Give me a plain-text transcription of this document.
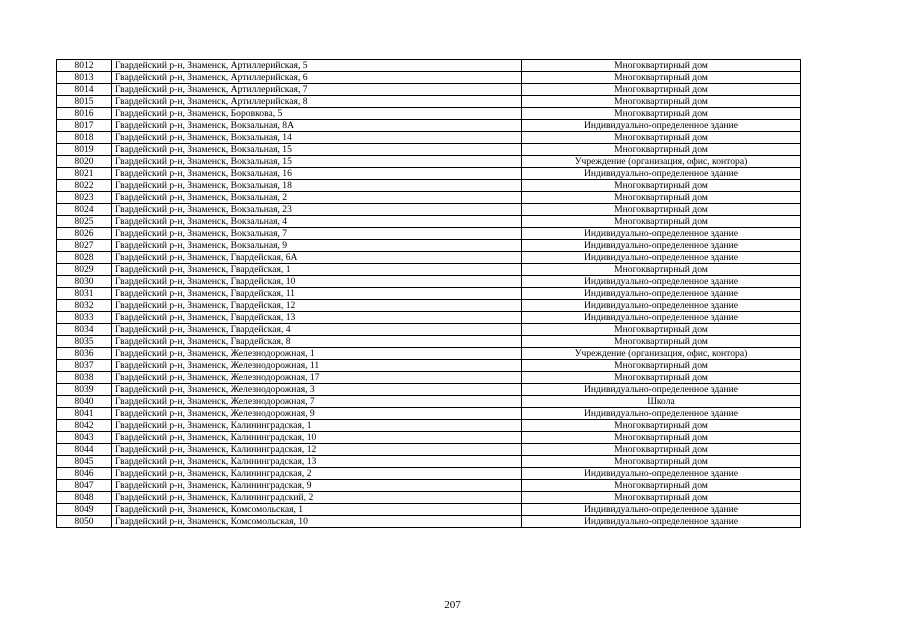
8012	Гвардейский р-н, Знаменск, Артиллерийская, 5	Многоквартирный дом
8013	Гвардейский р-н, Знаменск, Артиллерийская, 6	Многоквартирный дом
8014	Гвардейский р-н, Знаменск, Артиллерийская, 7	Многоквартирный дом
8015	Гвардейский р-н, Знаменск, Артиллерийская, 8	Многоквартирный дом
8016	Гвардейский р-н, Знаменск, Боровкова, 5	Многоквартирный дом
8017	Гвардейский р-н, Знаменск, Вокзальная, 8А	Индивидуально-определенное здание
8018	Гвардейский р-н, Знаменск, Вокзальная, 14	Многоквартирный дом
8019	Гвардейский р-н, Знаменск, Вокзальная, 15	Многоквартирный дом
8020	Гвардейский р-н, Знаменск, Вокзальная, 15	Учреждение (организация, офис, контора)
8021	Гвардейский р-н, Знаменск, Вокзальная, 16	Индивидуально-определенное здание
8022	Гвардейский р-н, Знаменск, Вокзальная, 18	Многоквартирный дом
8023	Гвардейский р-н, Знаменск, Вокзальная, 2	Многоквартирный дом
8024	Гвардейский р-н, Знаменск, Вокзальная, 23	Многоквартирный дом
8025	Гвардейский р-н, Знаменск, Вокзальная, 4	Многоквартирный дом
8026	Гвардейский р-н, Знаменск, Вокзальная, 7	Индивидуально-определенное здание
8027	Гвардейский р-н, Знаменск, Вокзальная, 9	Индивидуально-определенное здание
8028	Гвардейский р-н, Знаменск, Гвардейская, 6А	Индивидуально-определенное здание
8029	Гвардейский р-н, Знаменск, Гвардейская, 1	Многоквартирный дом
8030	Гвардейский р-н, Знаменск, Гвардейская, 10	Индивидуально-определенное здание
8031	Гвардейский р-н, Знаменск, Гвардейская, 11	Индивидуально-определенное здание
8032	Гвардейский р-н, Знаменск, Гвардейская, 12	Индивидуально-определенное здание
8033	Гвардейский р-н, Знаменск, Гвардейская, 13	Индивидуально-определенное здание
8034	Гвардейский р-н, Знаменск, Гвардейская, 4	Многоквартирный дом
8035	Гвардейский р-н, Знаменск, Гвардейская, 8	Многоквартирный дом
8036	Гвардейский р-н, Знаменск, Железнодорожная, 1	Учреждение (организация, офис, контора)
8037	Гвардейский р-н, Знаменск, Железнодорожная, 11	Многоквартирный дом
8038	Гвардейский р-н, Знаменск, Железнодорожная, 17	Многоквартирный дом
8039	Гвардейский р-н, Знаменск, Железнодорожная, 3	Индивидуально-определенное здание
8040	Гвардейский р-н, Знаменск, Железнодорожная, 7	Школа
8041	Гвардейский р-н, Знаменск, Железнодорожная, 9	Индивидуально-определенное здание
8042	Гвардейский р-н, Знаменск, Калининградская, 1	Многоквартирный дом
8043	Гвардейский р-н, Знаменск, Калининградская, 10	Многоквартирный дом
8044	Гвардейский р-н, Знаменск, Калининградская, 12	Многоквартирный дом
8045	Гвардейский р-н, Знаменск, Калининградская, 13	Многоквартирный дом
8046	Гвардейский р-н, Знаменск, Калининградская, 2	Индивидуально-определенное здание
8047	Гвардейский р-н, Знаменск, Калининградская, 9	Многоквартирный дом
8048	Гвардейский р-н, Знаменск, Калининградский, 2	Многоквартирный дом
8049	Гвардейский р-н, Знаменск, Комсомольская, 1	Индивидуально-определенное здание
8050	Гвардейский р-н, Знаменск, Комсомольская, 10	Индивидуально-определенное здание
207
